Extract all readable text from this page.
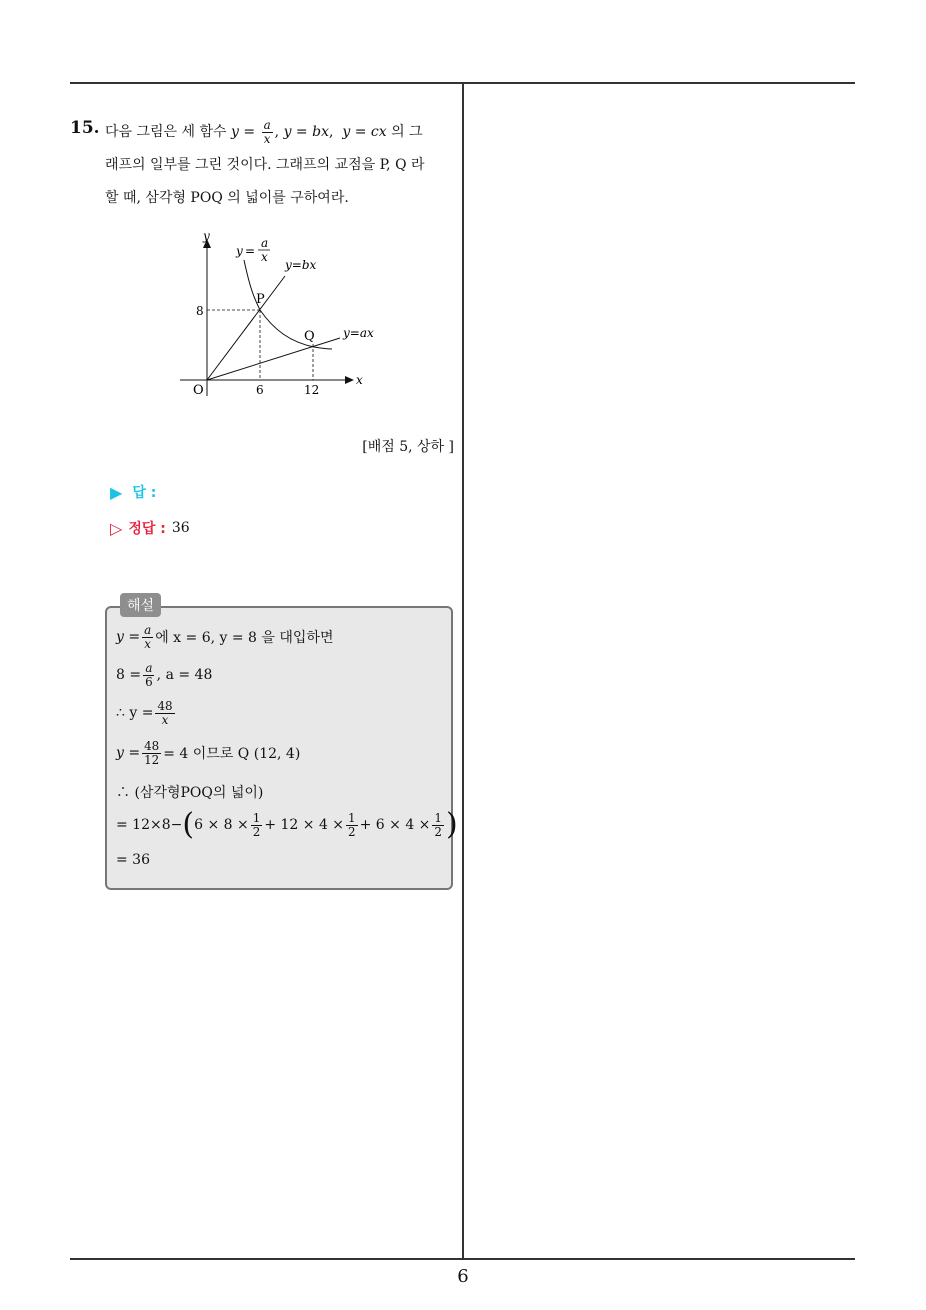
15. 다음 그림은 세 함수 $y = \frac{a}{x}$ , y = bx,  y = cx 의 그
래프의 일부를 그린 것이다. 그래프의 교점을 P, Q 라
할 때, 삼각형 POQ 의 넓이를 구하여라.
y
x
O
8
6	12
P
Q
y =
a
x
y=bx
y=ax
[배점 5, 상하 ]
▶ 답 :
▷ 정답 : 36
해설
$y = \frac{a}{x}$ 에 x = 6, y = 8 을 대입하면
$8 = \frac{a}{6}$ , a = 48
∴ $y = \frac{48}{x}$
$y = \frac{48}{12} = 4$ 이므로 Q (12, 4)
∴ (삼각형POQ의 넓이)
= 12×8− ( $6 \times 8 \times \frac{1}{2} + 12 \times 4 \times \frac{1}{2} + 6 \times 4 \times \frac{1}{2}$ )
= 36
6
